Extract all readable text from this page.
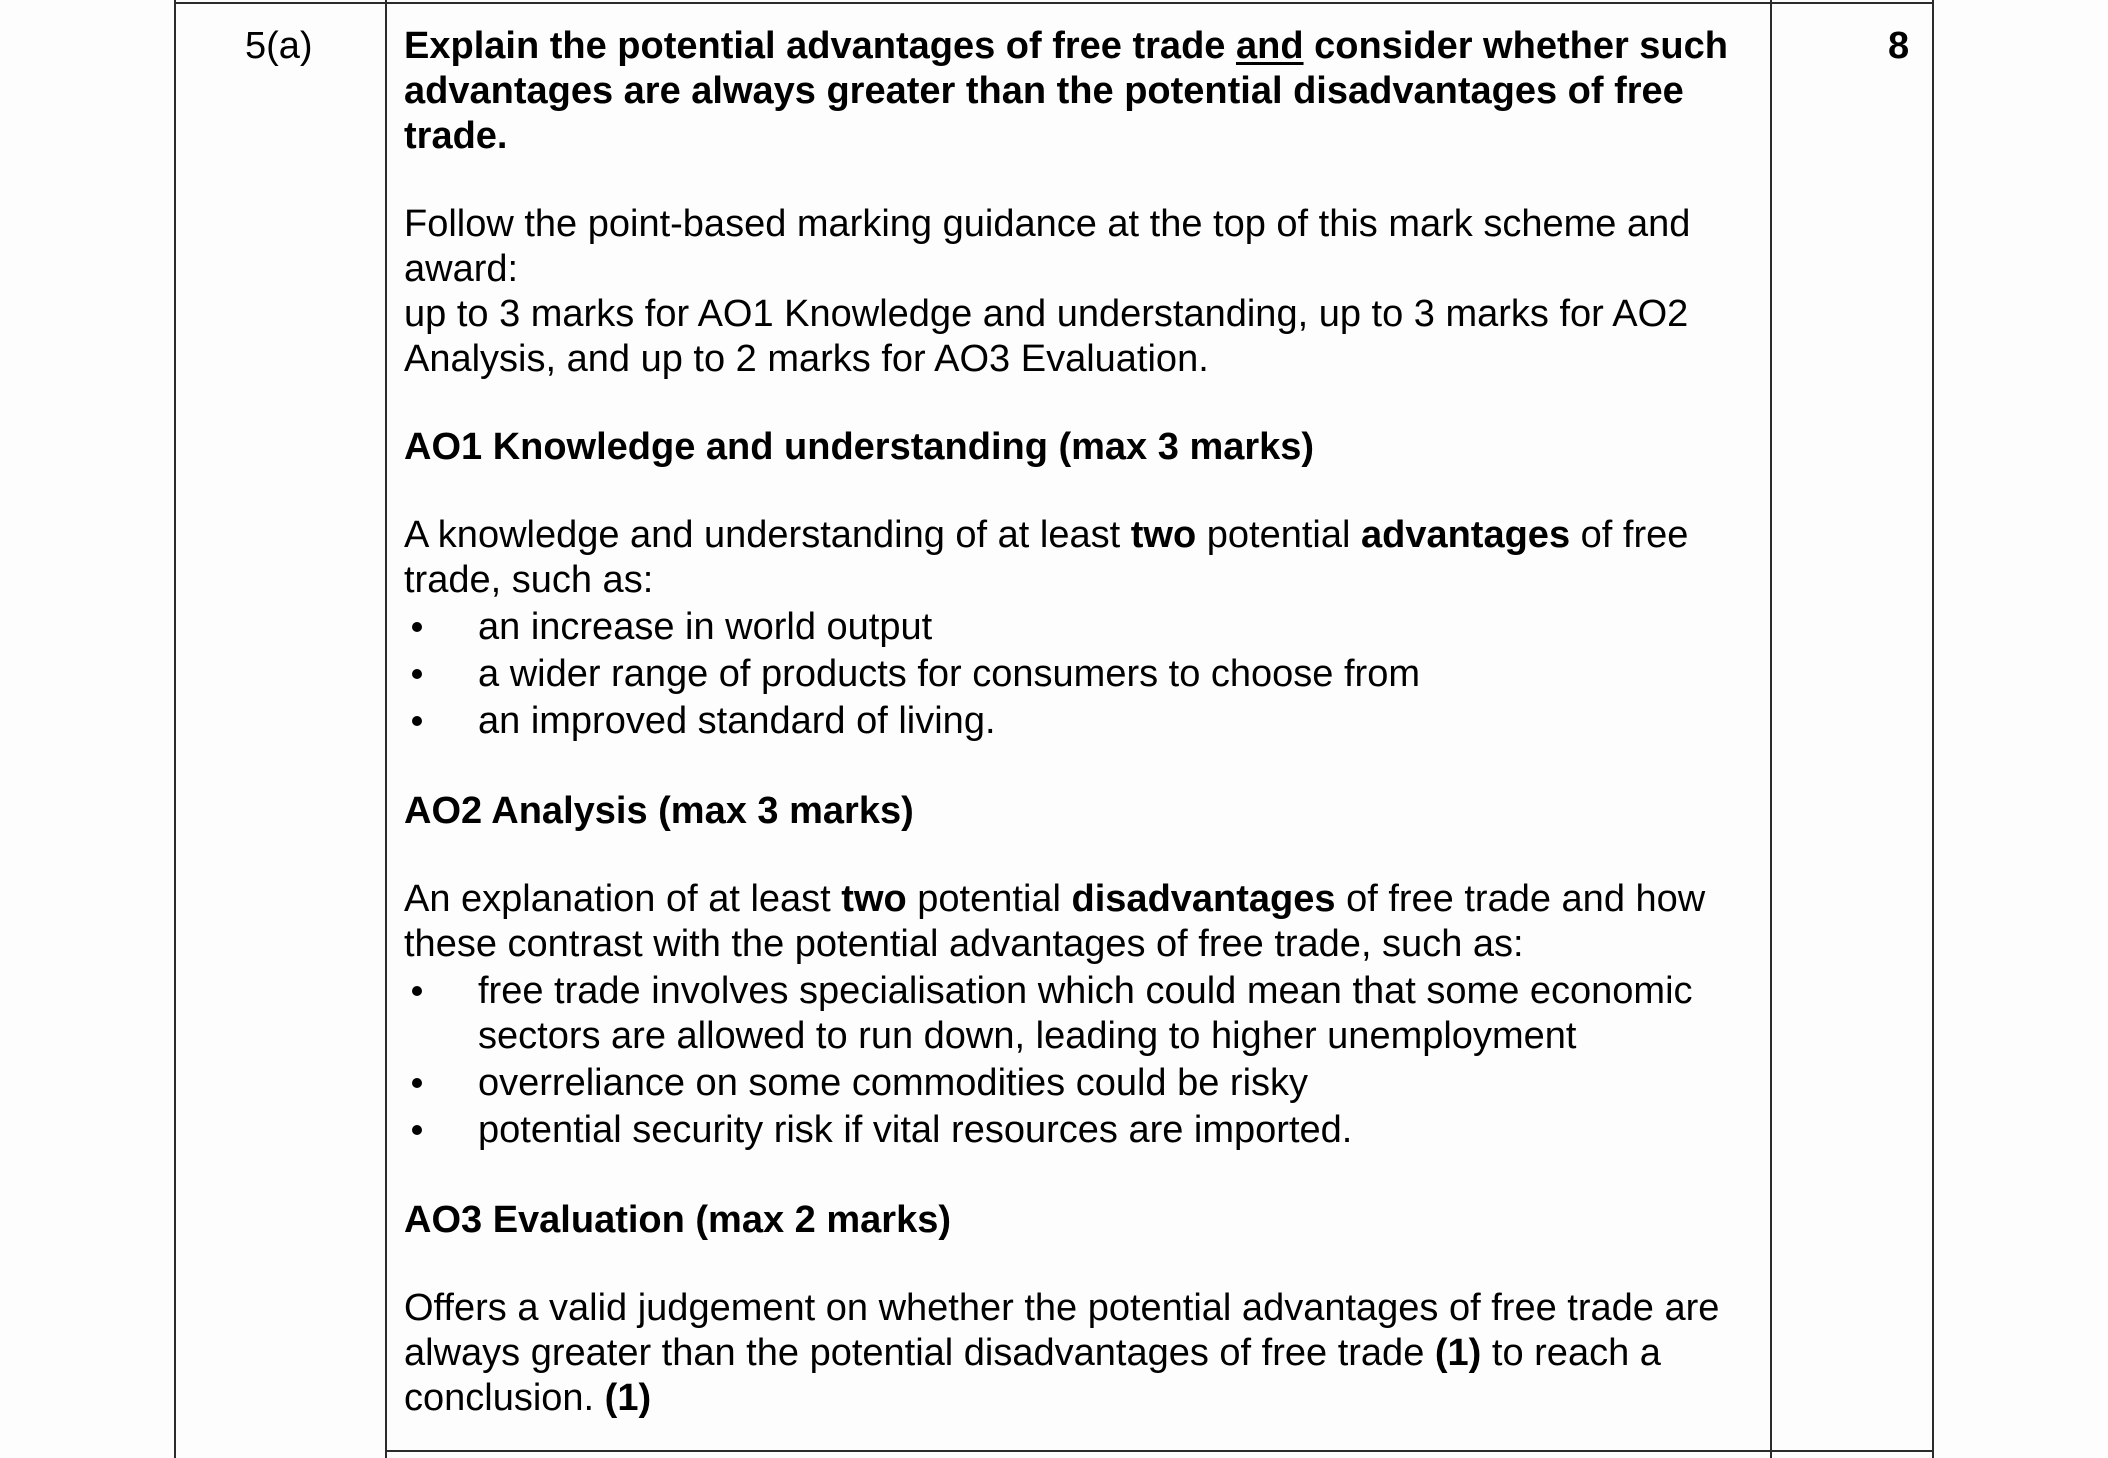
5(a)	8

Explain the potential advantages of free trade and consider whether such advantages are always greater than the potential disadvantages of free trade.

Follow the point-based marking guidance at the top of this mark scheme and award:

up to 3 marks for AO1 Knowledge and understanding, up to 3 marks for AO2 Analysis, and up to 2 marks for AO3 Evaluation.

AO1 Knowledge and understanding (max 3 marks)

A knowledge and understanding of at least two potential advantages of free trade, such as:

an increase in world output
a wider range of products for consumers to choose from
an improved standard of living.

AO2 Analysis (max 3 marks)

An explanation of at least two potential disadvantages of free trade and how these contrast with the potential advantages of free trade, such as:

free trade involves specialisation which could mean that some economic sectors are allowed to run down, leading to higher unemployment
overreliance on some commodities could be risky
potential security risk if vital resources are imported.

AO3 Evaluation (max 2 marks)

Offers a valid judgement on whether the potential advantages of free trade are always greater than the potential disadvantages of free trade (1) to reach a conclusion. (1)
